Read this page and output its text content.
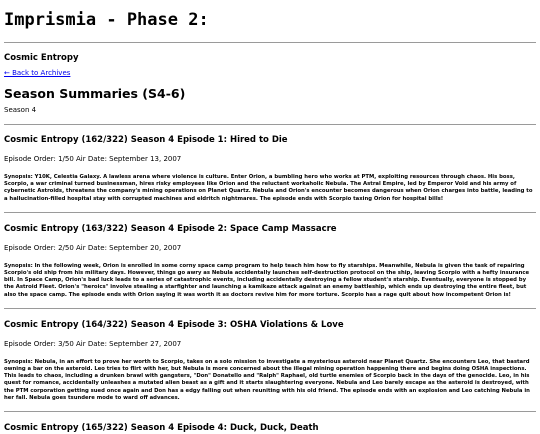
Imprismia - Phase 2:
Cosmic Entropy
← Back to Archives
Season Summaries (S4-6)
Season 4
Cosmic Entropy (162/322) Season 4 Episode 1: Hired to Die
Episode Order: 1/50 Air Date: September 13, 2007

Synopsis: Y10K, Celestia Galaxy. A lawless arena where violence is culture. Enter Orion, a bumbling hero who works at PTM, exploiting resources through chaos. His boss, Scorpio, a war criminal turned businessman, hires risky employees like Orion and the reluctant workaholic Nebula. The Astral Empire, led by Emperor Void and his army of cybernetic Astroids, threatens the company's mining operations on Planet Quartz. Nebula and Orion's encounter becomes dangerous when Orion charges into battle, leading to a hallucination-filled hospital stay with corrupted machines and eldritch nightmares. The episode ends with Scorpio taxing Orion for hospital bills!

Cosmic Entropy (163/322) Season 4 Episode 2: Space Camp Massacre
Episode Order: 2/50 Air Date: September 20, 2007

Synopsis: In the following week, Orion is enrolled in some corny space camp program to help teach him how to fly starships. Meanwhile, Nebula is given the task of repairing Scorpio's old ship from his military days. However, things go awry as Nebula accidentally launches self-destruction protocol on the ship, leaving Scorpio with a hefty insurance bill. In Space Camp, Orion's bad luck leads to a series of catastrophic events, including accidentally destroying a fellow student's starship. Eventually, everyone is stopped by the Astroid Fleet. Orion's "heroics" involve stealing a starfighter and launching a kamikaze attack against an enemy battleship, which ends up destroying the entire fleet, but also the space camp. The episode ends with Orion saying it was worth it as doctors revive him for more torture. Scorpio has a rage quit about how incompetent Orion is!

Cosmic Entropy (164/322) Season 4 Episode 3: OSHA Violations & Love
Episode Order: 3/50 Air Date: September 27, 2007

Synopsis: Nebula, in an effort to prove her worth to Scorpio, takes on a solo mission to investigate a mysterious asteroid near Planet Quartz. She encounters Leo, that bastard owning a bar on the asteroid. Leo tries to flirt with her, but Nebula is more concerned about the illegal mining operation happening there and begins doing OSHA inspections. This leads to chaos, including a drunken brawl with gangsters, "Don" Donatello and "Ralph" Raphael, old turtle enemies of Scorpio back in the days of the genocide. Leo, in his quest for romance, accidentally unleashes a mutated alien beast as a gift and it starts slaughtering everyone. Nebula and Leo barely escape as the asteroid is destroyed, with the PTM corporation getting sued once again and Don has a edgy falling out when reuniting with his old friend. The episode ends with an explosion and Leo catching Nebula in her fall. Nebula goes tsundere mode to ward off advances.

Cosmic Entropy (165/322) Season 4 Episode 4: Duck, Duck, Death
